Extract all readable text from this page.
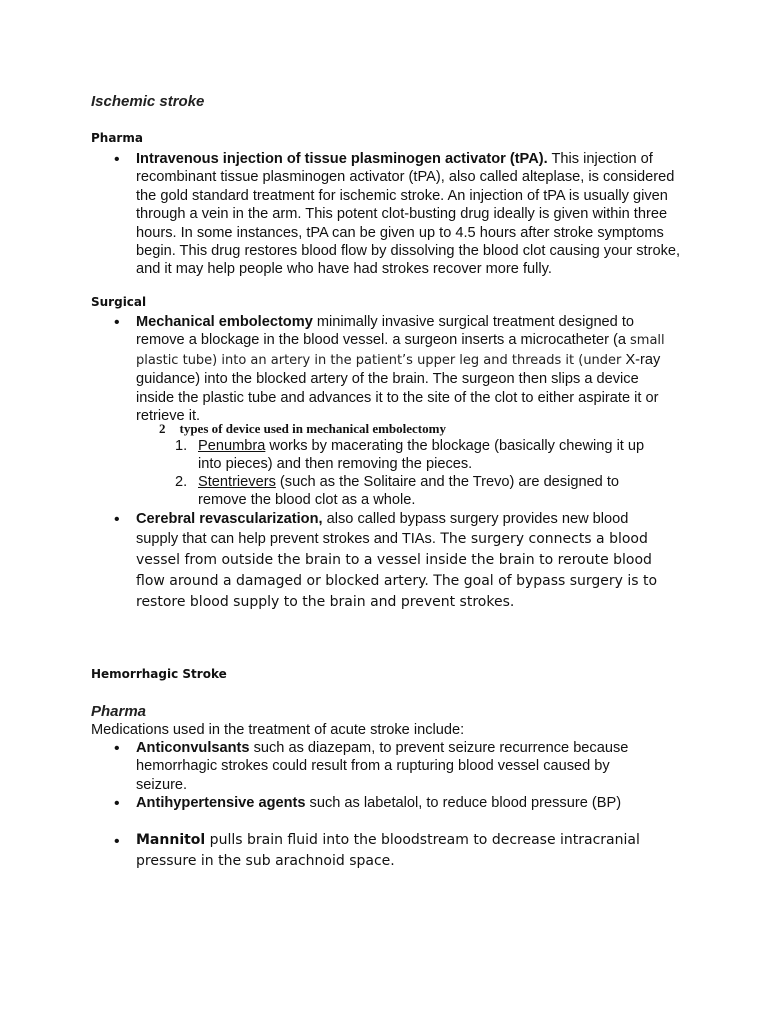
Ischemic stroke
Pharma
• Intravenous injection of tissue plasminogen activator (tPA). This injection of recombinant tissue plasminogen activator (tPA), also called alteplase, is considered the gold standard treatment for ischemic stroke. An injection of tPA is usually given through a vein in the arm. This potent clot-busting drug ideally is given within three hours. In some instances, tPA can be given up to 4.5 hours after stroke symptoms begin. This drug restores blood flow by dissolving the blood clot causing your stroke, and it may help people who have had strokes recover more fully.
Surgical
• Mechanical embolectomy minimally invasive surgical treatment designed to remove a blockage in the blood vessel. a surgeon inserts a microcatheter (a small plastic tube) into an artery in the patient’s upper leg and threads it (under X-ray guidance) into the blocked artery of the brain. The surgeon then slips a device inside the plastic tube and advances it to the site of the clot to either aspirate it or retrieve it.
2 types of device used in mechanical embolectomy
1. Penumbra works by macerating the blockage (basically chewing it up into pieces) and then removing the pieces.
2. Stentrievers (such as the Solitaire and the Trevo) are designed to remove the blood clot as a whole.
• Cerebral revascularization, also called bypass surgery provides new blood supply that can help prevent strokes and TIAs. The surgery connects a blood vessel from outside the brain to a vessel inside the brain to reroute blood flow around a damaged or blocked artery. The goal of bypass surgery is to restore blood supply to the brain and prevent strokes.
Hemorrhagic Stroke
Pharma
Medications used in the treatment of acute stroke include:
• Anticonvulsants such as diazepam, to prevent seizure recurrence because hemorrhagic strokes could result from a rupturing blood vessel caused by seizure.
• Antihypertensive agents such as labetalol, to reduce blood pressure (BP)
• Mannitol pulls brain fluid into the bloodstream to decrease intracranial pressure in the sub arachnoid space.
